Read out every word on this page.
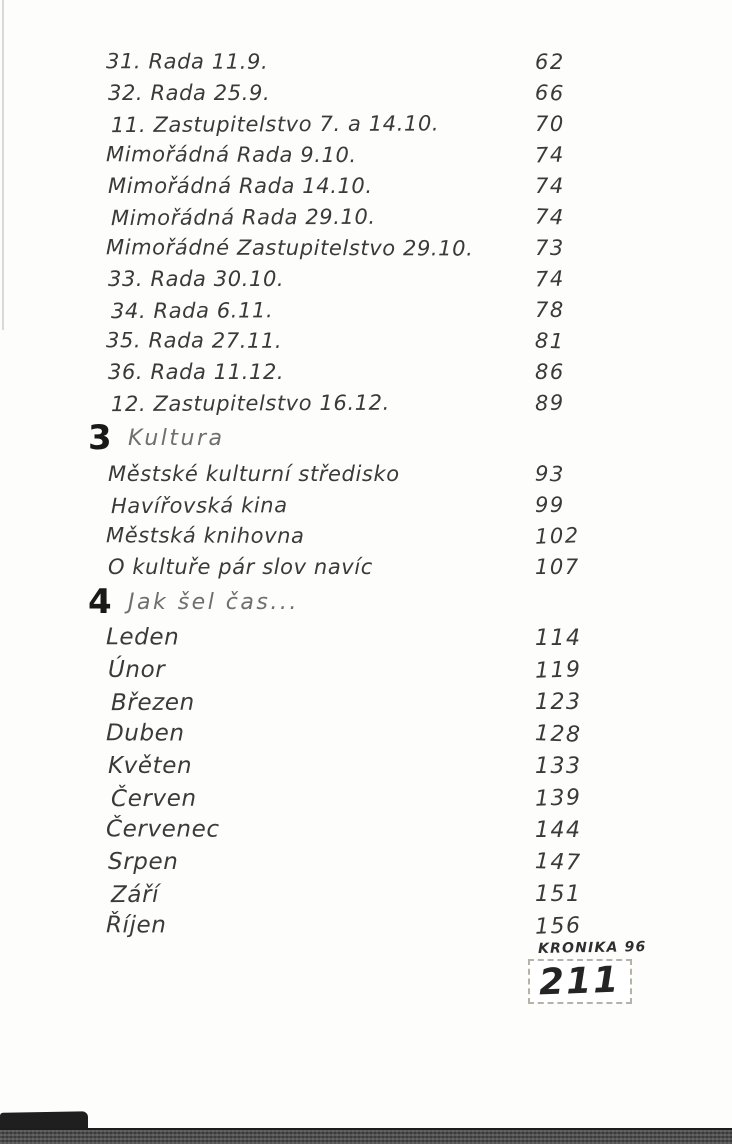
31. Rada 11.9.	62
32. Rada 25.9.	66
11. Zastupitelstvo 7. a 14.10.	70
Mimořádná Rada 9.10.	74
Mimořádná Rada 14.10.	74
Mimořádná Rada 29.10.	74
Mimořádné Zastupitelstvo 29.10.	73
33. Rada 30.10.	74
34. Rada 6.11.	78
35. Rada 27.11.	81
36. Rada 11.12.	86
12. Zastupitelstvo 16.12.	89
3 Kultura
Městské kulturní středisko	93
Havířovská kina	99
Městská knihovna	102
O kultuře pár slov navíc	107
4 Jak šel čas...
Leden	114
Únor	119
Březen	123
Duben	128
Květen	133
Červen	139
Červenec	144
Srpen	147
Září	151
Říjen	156
KRONIKA 96
211
